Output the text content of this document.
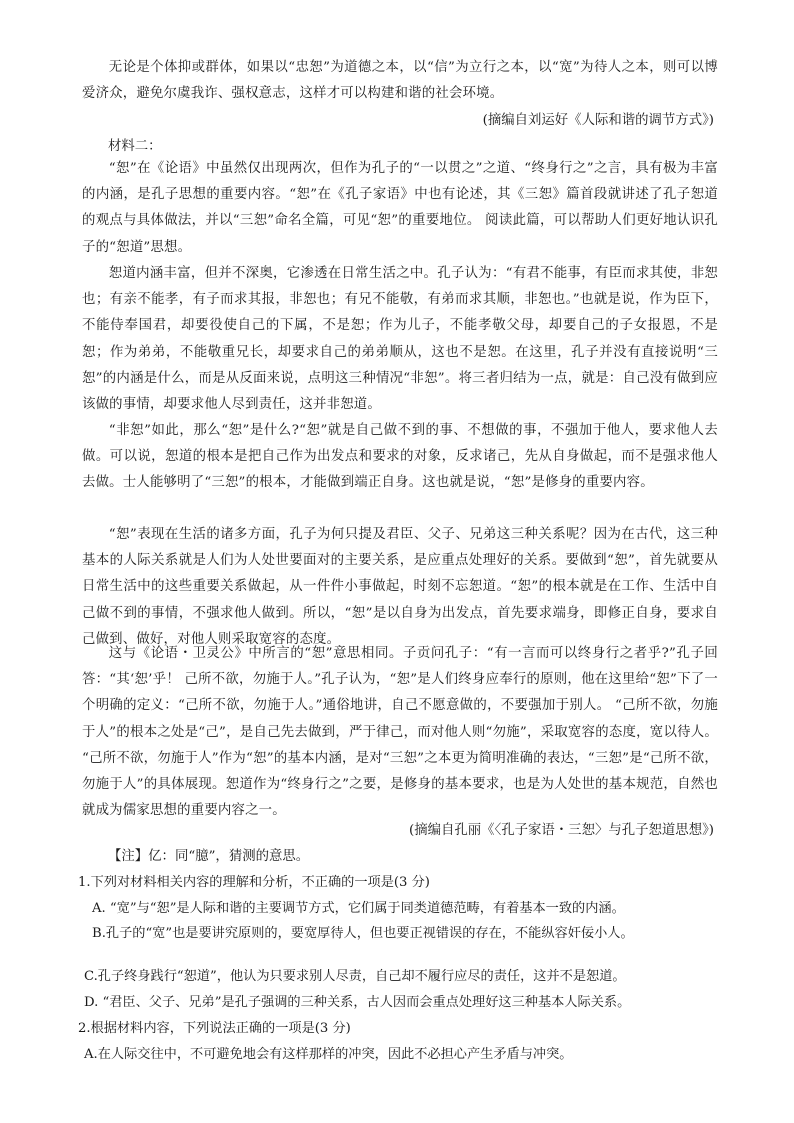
无论是个体抑或群体，如果以“忠恕”为道德之本，以“信”为立行之本，以“宽”为待人之本，则可以博爱济众，避免尔虞我诈、强权意志，这样才可以构建和谐的社会环境。

(摘编自刘运好《人际和谐的调节方式》)

材料二：

“恕”在《论语》中虽然仅出现两次，但作为孔子的“一以贯之”之道、“终身行之”之言，具有极为丰富的内涵，是孔子思想的重要内容。“恕”在《孔子家语》中也有论述，其《三恕》篇首段就讲述了孔子恕道的观点与具体做法，并以“三恕”命名全篇，可见“恕”的重要地位。 阅读此篇，可以帮助人们更好地认识孔子的“恕道”思想。

恕道内涵丰富，但并不深奥，它渗透在日常生活之中。孔子认为：“有君不能事，有臣而求其使，非恕也；有亲不能孝，有子而求其报，非恕也；有兄不能敬，有弟而求其顺，非恕也。”也就是说，作为臣下，不能侍奉国君，却要役使自己的下属，不是恕；作为儿子，不能孝敬父母，却要自己的子女报恩，不是恕；作为弟弟，不能敬重兄长，却要求自己的弟弟顺从，这也不是恕。在这里，孔子并没有直接说明“三恕”的内涵是什么，而是从反面来说，点明这三种情况“非恕”。将三者归结为一点，就是：自己没有做到应该做的事情，却要求他人尽到责任，这并非恕道。

“非恕”如此，那么“恕”是什么?“恕”就是自己做不到的事、不想做的事，不强加于他人，要求他人去做。可以说，恕道的根本是把自己作为出发点和要求的对象，反求诸己，先从自身做起，而不是强求他人去做。士人能够明了“三恕”的根本，才能做到端正自身。这也就是说，“恕”是修身的重要内容。

“恕”表现在生活的诸多方面，孔子为何只提及君臣、父子、兄弟这三种关系呢？因为在古代，这三种基本的人际关系就是人们为人处世要面对的主要关系，是应重点处理好的关系。要做到“恕”，首先就要从日常生活中的这些重要关系做起，从一件件小事做起，时刻不忘恕道。“恕”的根本就是在工作、生活中自己做不到的事情，不强求他人做到。所以，“恕”是以自身为出发点，首先要求端身，即修正自身，要求自己做到、做好，对他人则采取宽容的态度。

这与《论语・卫灵公》中所言的“恕”意思相同。子贡问孔子：“有一言而可以终身行之者乎?”孔子回答：“其‘恕’乎！ 己所不欲，勿施于人。”孔子认为，“恕”是人们终身应奉行的原则，他在这里给“恕”下了一个明确的定义：“己所不欲，勿施于人。”通俗地讲，自己不愿意做的，不要强加于别人。 “己所不欲，勿施于人”的根本之处是“己”，是自己先去做到，严于律己，而对他人则“勿施”，采取宽容的态度，宽以待人。 “己所不欲，勿施于人”作为“恕”的基本内涵，是对“三恕”之本更为简明准确的表达，“三恕”是“己所不欲，勿施于人”的具体展现。恕道作为“终身行之”之要，是修身的基本要求，也是为人处世的基本规范，自然也就成为儒家思想的重要内容之一。

(摘编自孔丽《〈孔子家语・三恕〉与孔子恕道思想》)

【注】亿：同“臆”，猜测的意思。

1.下列对材料相关内容的理解和分析，不正确的一项是(3 分)

A. “宽”与“恕”是人际和谐的主要调节方式，它们属于同类道德范畴，有着基本一致的内涵。

B.孔子的“宽”也是要讲究原则的，要宽厚待人，但也要正视错误的存在，不能纵容奸佞小人。

C.孔子终身践行“恕道”，他认为只要求别人尽责，自己却不履行应尽的责任，这并不是恕道。

D. “君臣、父子、兄弟”是孔子强调的三种关系，古人因而会重点处理好这三种基本人际关系。

2.根据材料内容，下列说法正确的一项是(3 分)

A.在人际交往中，不可避免地会有这样那样的冲突，因此不必担心产生矛盾与冲突。
